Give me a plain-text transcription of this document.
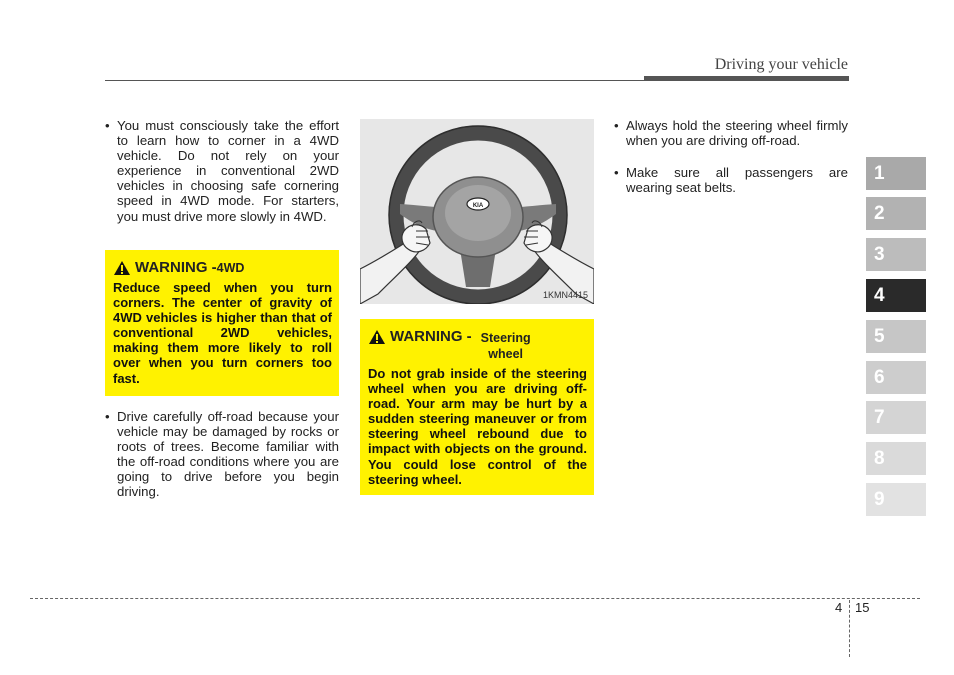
Driving your vehicle
• You must consciously take the effort to learn how to corner in a 4WD vehicle. Do not rely on your experience in conventional 2WD vehicles in choosing safe cornering speed in 4WD mode. For starters, you must drive more slowly in 4WD.
WARNING - 4WD
Reduce speed when you turn corners. The center of gravity of 4WD vehicles is higher than that of conventional 2WD vehicles, making them more likely to roll over when you turn corners too fast.
• Drive carefully off-road because your vehicle may be damaged by rocks or roots of trees. Become familiar with the off-road conditions where you are going to drive before you begin driving.
KIA
1KMN4415
WARNING - Steering wheel
Do not grab inside of the steering wheel when you are driving off-road. Your arm may be hurt by a sudden steering maneuver or from steering wheel rebound due to impact with objects on the ground. You could lose control of the steering wheel.
• Always hold the steering wheel firmly when you are driving off-road.
• Make sure all passengers are wearing seat belts.
1
2
3
4
5
6
7
8
9
4 15
